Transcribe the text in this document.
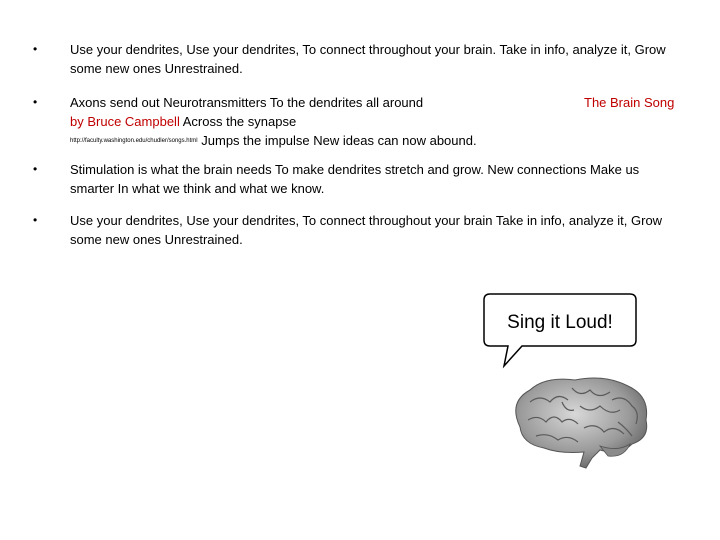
•	Use your dendrites, Use your dendrites, To connect throughout your brain. Take in info, analyze it, Grow some new ones Unrestrained.
•	Axons send out Neurotransmitters To the dendrites all around
by Bruce Campbell Across the synapse
http://faculty.washington.edu/chudler/songs.html Jumps the impulse New ideas can now abound.
The Brain Song
•	Stimulation is what the brain needs To make dendrites stretch and grow. New connections Make us smarter In what we think and what we know.
•	Use your dendrites, Use your dendrites, To connect throughout your brain Take in info, analyze it, Grow some new ones Unrestrained.
Sing it Loud!
